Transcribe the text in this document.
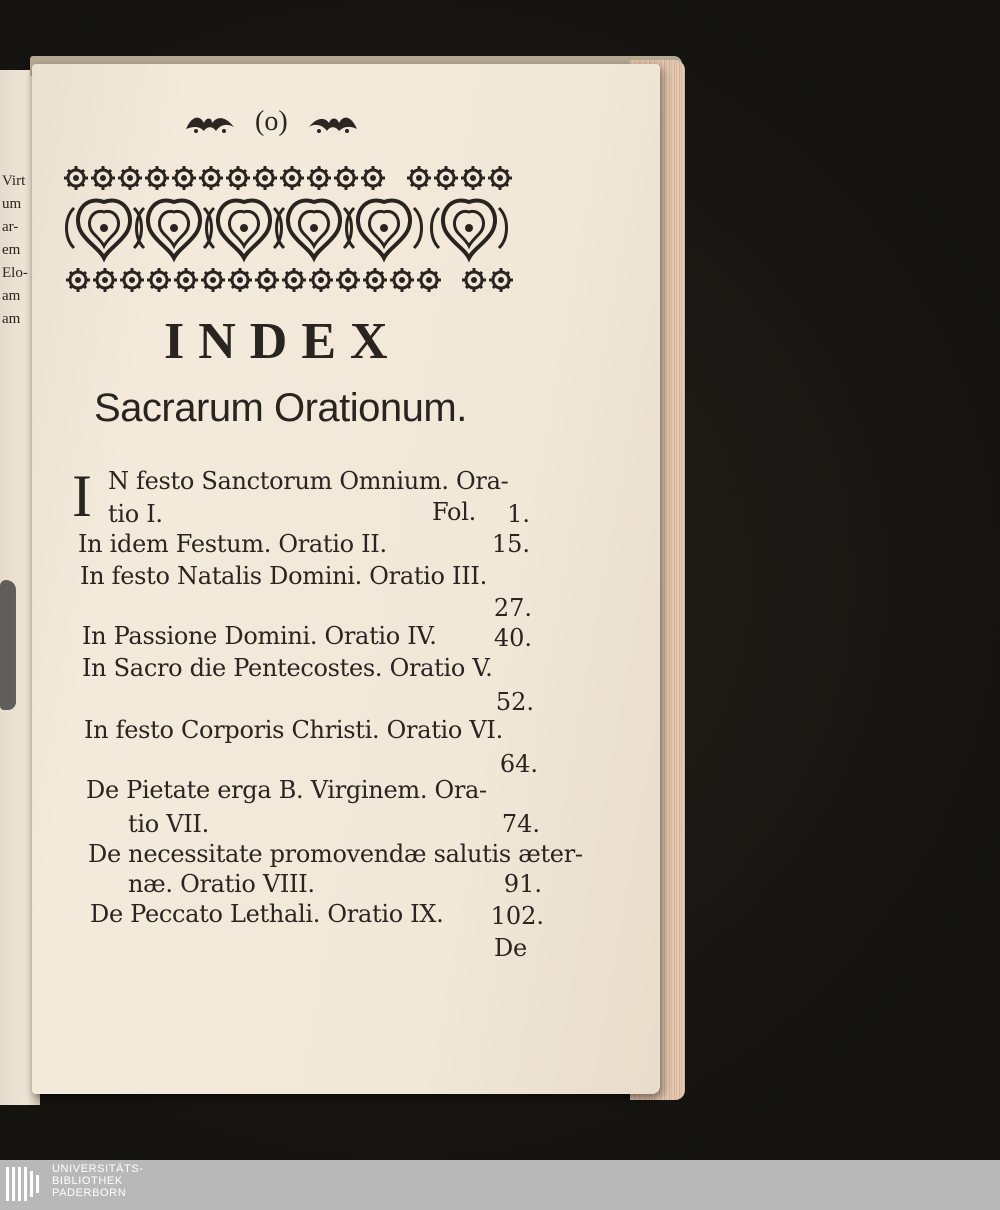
Virt
um
ar-
em
Elo-
am
am
(o)
INDEX
Sacrarum Orationum.
I N festo Sanctorum Omnium. Ora-
tio I.	Fol. 1.
In idem Festum. Oratio II.	15.
In festo Natalis Domini. Oratio III.
27.
In Passione Domini. Oratio IV. 40.
In Sacro die Pentecostes. Oratio V.
52.
In festo Corporis Christi. Oratio VI.
64.
De Pietate erga B. Virginem. Ora-
tio VII.	74.
De necessitate promovendæ salutis æter-
næ. Oratio VIII.	91.
De Peccato Lethali. Oratio IX. 102.
De
UNIVERSITÄTS-
BIBLIOTHEK
PADERBORN
